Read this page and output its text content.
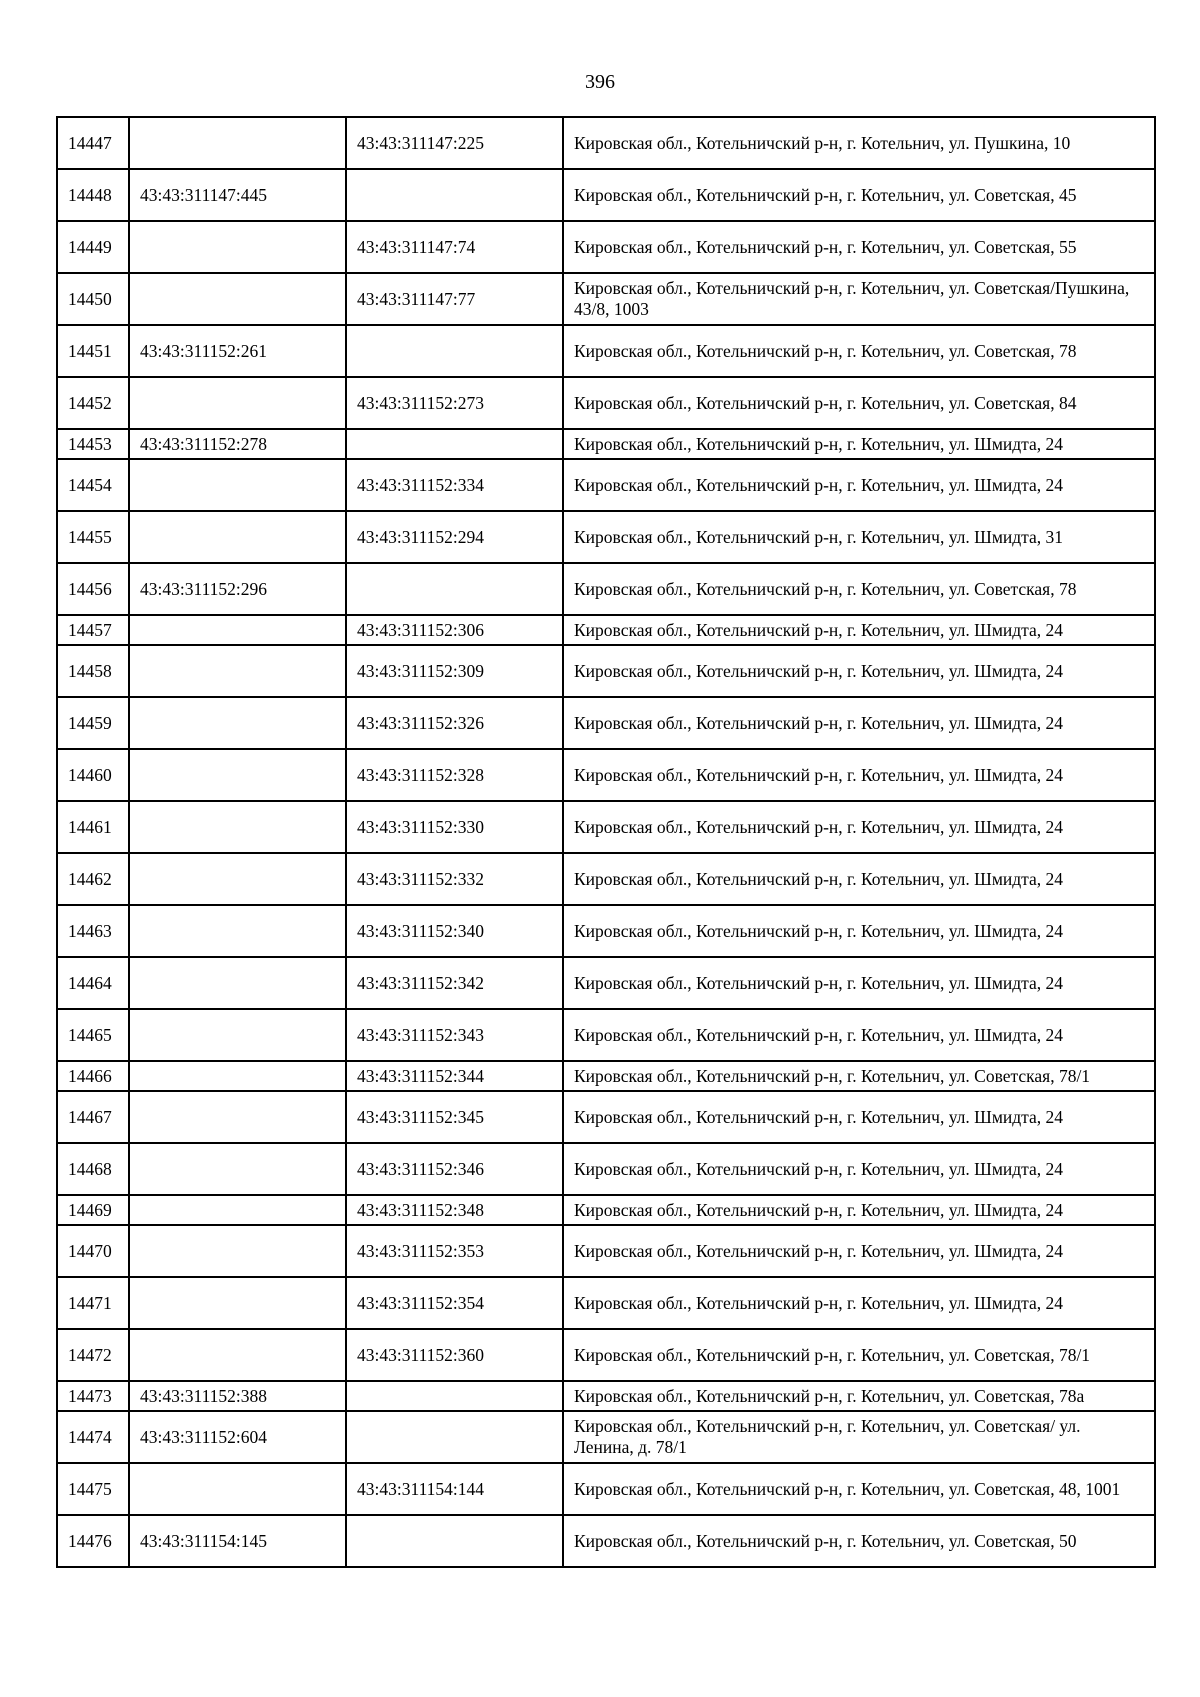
396
14447		43:43:311147:225	Кировская обл., Котельничский р-н, г. Котельнич, ул. Пушкина, 10
14448	43:43:311147:445		Кировская обл., Котельничский р-н, г. Котельнич, ул. Советская, 45
14449		43:43:311147:74	Кировская обл., Котельничский р-н, г. Котельнич, ул. Советская, 55
14450		43:43:311147:77	Кировская обл., Котельничский р-н, г. Котельнич, ул. Советская/Пушкина, 43/8, 1003
14451	43:43:311152:261		Кировская обл., Котельничский р-н, г. Котельнич, ул. Советская, 78
14452		43:43:311152:273	Кировская обл., Котельничский р-н, г. Котельнич, ул. Советская, 84
14453	43:43:311152:278		Кировская обл., Котельничский р-н, г. Котельнич, ул. Шмидта, 24
14454		43:43:311152:334	Кировская обл., Котельничский р-н, г. Котельнич, ул. Шмидта, 24
14455		43:43:311152:294	Кировская обл., Котельничский р-н, г. Котельнич, ул. Шмидта, 31
14456	43:43:311152:296		Кировская обл., Котельничский р-н, г. Котельнич, ул. Советская, 78
14457		43:43:311152:306	Кировская обл., Котельничский р-н, г. Котельнич, ул. Шмидта, 24
14458		43:43:311152:309	Кировская обл., Котельничский р-н, г. Котельнич, ул. Шмидта, 24
14459		43:43:311152:326	Кировская обл., Котельничский р-н, г. Котельнич, ул. Шмидта, 24
14460		43:43:311152:328	Кировская обл., Котельничский р-н, г. Котельнич, ул. Шмидта, 24
14461		43:43:311152:330	Кировская обл., Котельничский р-н, г. Котельнич, ул. Шмидта, 24
14462		43:43:311152:332	Кировская обл., Котельничский р-н, г. Котельнич, ул. Шмидта, 24
14463		43:43:311152:340	Кировская обл., Котельничский р-н, г. Котельнич, ул. Шмидта, 24
14464		43:43:311152:342	Кировская обл., Котельничский р-н, г. Котельнич, ул. Шмидта, 24
14465		43:43:311152:343	Кировская обл., Котельничский р-н, г. Котельнич, ул. Шмидта, 24
14466		43:43:311152:344	Кировская обл., Котельничский р-н, г. Котельнич, ул. Советская, 78/1
14467		43:43:311152:345	Кировская обл., Котельничский р-н, г. Котельнич, ул. Шмидта, 24
14468		43:43:311152:346	Кировская обл., Котельничский р-н, г. Котельнич, ул. Шмидта, 24
14469		43:43:311152:348	Кировская обл., Котельничский р-н, г. Котельнич, ул. Шмидта, 24
14470		43:43:311152:353	Кировская обл., Котельничский р-н, г. Котельнич, ул. Шмидта, 24
14471		43:43:311152:354	Кировская обл., Котельничский р-н, г. Котельнич, ул. Шмидта, 24
14472		43:43:311152:360	Кировская обл., Котельничский р-н, г. Котельнич, ул. Советская, 78/1
14473	43:43:311152:388		Кировская обл., Котельничский р-н, г. Котельнич, ул. Советская, 78а
14474	43:43:311152:604		Кировская обл., Котельничский р-н, г. Котельнич, ул. Советская/ ул. Ленина, д. 78/1
14475		43:43:311154:144	Кировская обл., Котельничский р-н, г. Котельнич, ул. Советская, 48, 1001
14476	43:43:311154:145		Кировская обл., Котельничский р-н, г. Котельнич, ул. Советская, 50
